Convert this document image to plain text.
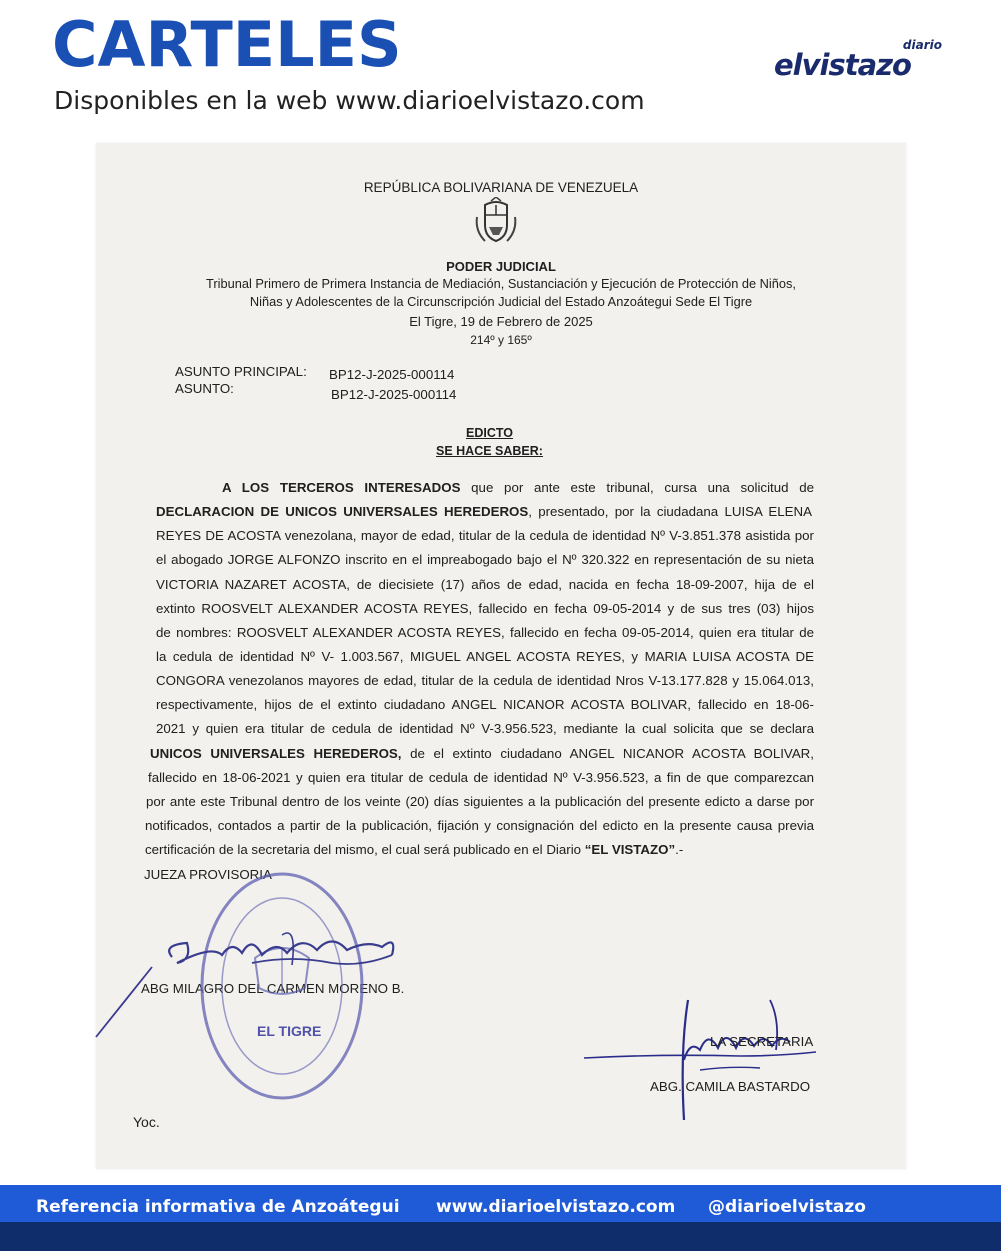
CARTELES
Disponibles en la web www.diarioelvistazo.com
diario
elvistazo
REPÚBLICA BOLIVARIANA DE VENEZUELA
PODER JUDICIAL
Tribunal Primero de Primera Instancia de Mediación, Sustanciación y Ejecución de Protección de Niños,
Niñas y Adolescentes de la Circunscripción Judicial del Estado Anzoátegui Sede El Tigre
El Tigre, 19 de Febrero de 2025
214º y 165º
ASUNTO PRINCIPAL: BP12-J-2025-000114
ASUNTO:	BP12-J-2025-000114
EDICTO
SE HACE SABER:
A LOS TERCEROS INTERESADOS que por ante este tribunal, cursa una solicitud de
DECLARACION DE UNICOS UNIVERSALES HEREDEROS, presentado, por la ciudadana LUISA ELENA
REYES DE ACOSTA venezolana, mayor de edad, titular de la cedula de identidad Nº V-3.851.378 asistida por
el abogado JORGE ALFONZO inscrito en el impreabogado bajo el Nº 320.322 en representación de su nieta
VICTORIA NAZARET ACOSTA, de diecisiete (17) años de edad, nacida en fecha 18-09-2007, hija de el
extinto ROOSVELT ALEXANDER ACOSTA REYES, fallecido en fecha 09-05-2014 y de sus tres (03) hijos
de nombres: ROOSVELT ALEXANDER ACOSTA REYES, fallecido en fecha 09-05-2014, quien era titular de
la cedula de identidad Nº V- 1.003.567, MIGUEL ANGEL ACOSTA REYES, y MARIA LUISA ACOSTA DE
CONGORA venezolanos mayores de edad, titular de la cedula de identidad Nros V-13.177.828 y 15.064.013,
respectivamente, hijos de el extinto ciudadano ANGEL NICANOR ACOSTA BOLIVAR, fallecido en 18-06-
2021 y quien era titular de cedula de identidad Nº V-3.956.523, mediante la cual solicita que se declara
UNICOS UNIVERSALES HEREDEROS, de el extinto ciudadano ANGEL NICANOR ACOSTA BOLIVAR,
fallecido en 18-06-2021 y quien era titular de cedula de identidad Nº V-3.956.523, a fin de que comparezcan
por ante este Tribunal dentro de los veinte (20) días siguientes a la publicación del presente edicto a darse por
notificados, contados a partir de la publicación, fijación y consignación del edicto en la presente causa previa
certificación de la secretaria del mismo, el cual será publicado en el Diario “EL VISTAZO”.-
JUEZA PROVISORIA
ABG MILAGRO DEL CARMEN MORENO B.
EL TIGRE
LA SECRETARIA
ABG. CAMILA BASTARDO
Yoc.
Referencia informativa de Anzoátegui www.diarioelvistazo.com @diarioelvistazo
